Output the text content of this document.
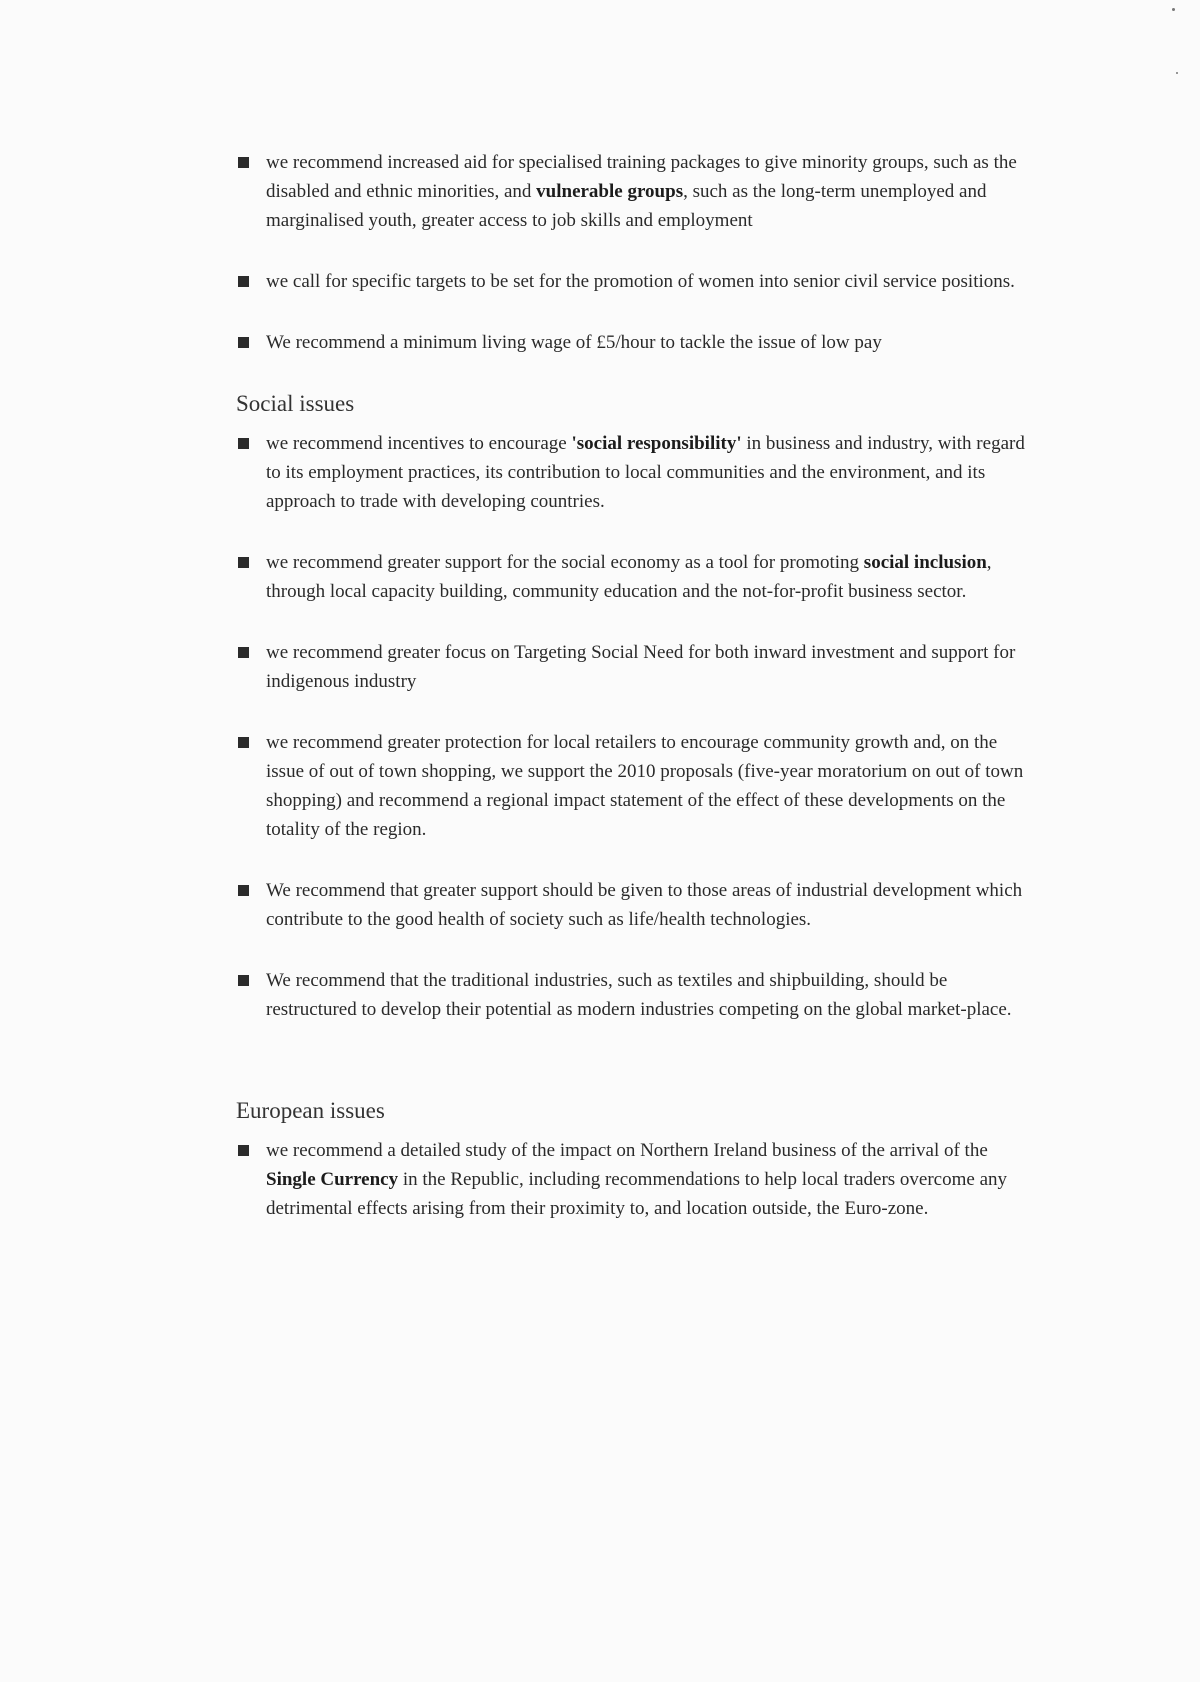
we recommend increased aid for specialised training packages to give minority groups, such as the disabled and ethnic minorities, and vulnerable groups, such as the long-term unemployed and marginalised youth, greater access to job skills and employment
we call for specific targets to be set for the promotion of women into senior civil service positions.
We recommend a minimum living wage of £5/hour to tackle the issue of low pay
Social issues
we recommend incentives to encourage 'social responsibility' in business and industry, with regard to its employment practices, its contribution to local communities and the environment, and its approach to trade with developing countries.
we recommend greater support for the social economy as a tool for promoting social inclusion, through local capacity building, community education and the not-for-profit business sector.
we recommend greater focus on Targeting Social Need for both inward investment and support for indigenous industry
we recommend greater protection for local retailers to encourage community growth and, on the issue of out of town shopping, we support the 2010 proposals (five-year moratorium on out of town shopping) and recommend a regional impact statement of the effect of these developments on the totality of the region.
We recommend that greater support should be given to those areas of industrial development which contribute to the good health of society such as life/health technologies.
We recommend that the traditional industries, such as textiles and shipbuilding, should be restructured to develop their potential as modern industries competing on the global market-place.
European issues
we recommend a detailed study of the impact on Northern Ireland business of the arrival of the Single Currency in the Republic, including recommendations to help local traders overcome any detrimental effects arising from their proximity to, and location outside, the Euro-zone.
